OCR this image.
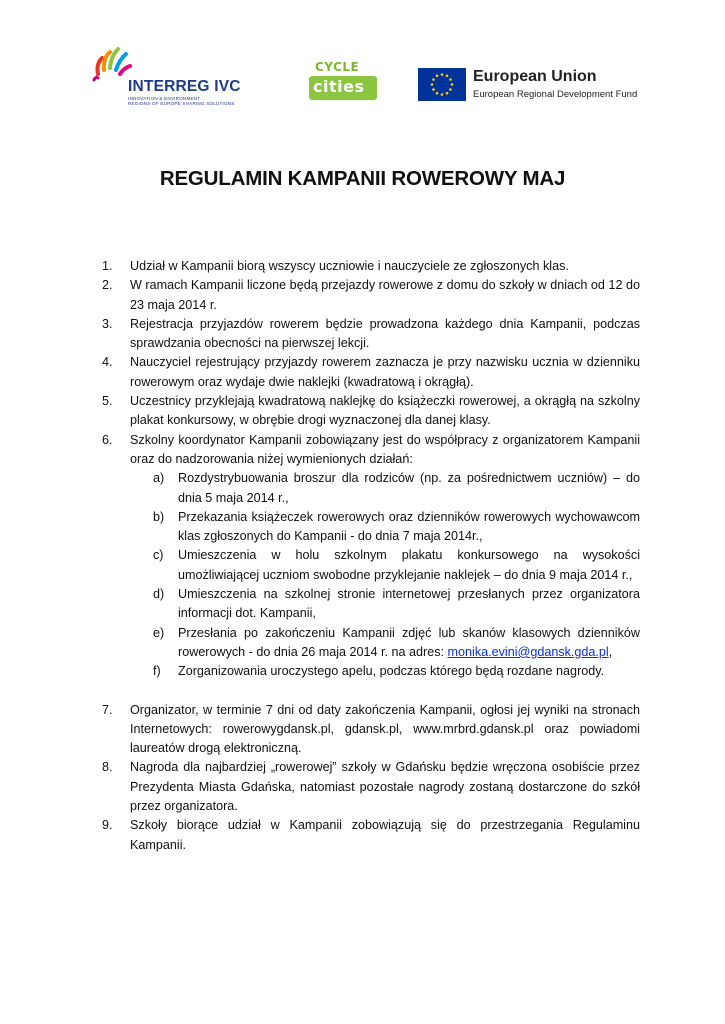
INTERREG IVC
INNOVATION & ENVIRONMENT
REGIONS OF EUROPE SHARING SOLUTIONS
CYCLE
cities
European Union
European Regional Development Fund
REGULAMIN KAMPANII ROWEROWY MAJ
1.	Udział w Kampanii biorą wszyscy uczniowie i nauczyciele ze zgłoszonych klas.
2.	W ramach Kampanii liczone będą przejazdy rowerowe z domu do szkoły w dniach od 12 do 23 maja 2014 r.
3.	Rejestracja przyjazdów rowerem będzie prowadzona każdego dnia Kampanii, podczas sprawdzania obecności na pierwszej lekcji.
4.	Nauczyciel rejestrujący przyjazdy rowerem zaznacza je przy nazwisku ucznia w dzienniku rowerowym oraz wydaje dwie naklejki (kwadratową i okrągłą).
5.	Uczestnicy przyklejają kwadratową naklejkę do książeczki rowerowej, a okrągłą na szkolny plakat konkursowy, w obrębie drogi wyznaczonej dla danej klasy.
6.	Szkolny koordynator Kampanii zobowiązany jest do współpracy z organizatorem Kampanii oraz do nadzorowania niżej wymienionych działań:
a) Rozdystrybuowania broszur dla rodziców (np. za pośrednictwem uczniów) – do dnia 5 maja 2014 r.,
b) Przekazania książeczek rowerowych oraz dzienników rowerowych wychowawcom klas zgłoszonych do Kampanii - do dnia 7 maja 2014r.,
c) Umieszczenia w holu szkolnym plakatu konkursowego na wysokości umożliwiającej uczniom swobodne przyklejanie naklejek – do dnia 9 maja 2014 r.,
d) Umieszczenia na szkolnej stronie internetowej przesłanych przez organizatora informacji dot. Kampanii,
e) Przesłania po zakończeniu Kampanii zdjęć lub skanów klasowych dzienników rowerowych - do dnia 26 maja 2014 r. na adres: monika.evini@gdansk.gda.pl,
f) Zorganizowania uroczystego apelu, podczas którego będą rozdane nagrody.
7.	Organizator, w terminie 7 dni od daty zakończenia Kampanii, ogłosi jej wyniki na stronach Internetowych: rowerowygdansk.pl, gdansk.pl, www.mrbrd.gdansk.pl oraz powiadomi laureatów drogą elektroniczną.
8.	Nagroda dla najbardziej „rowerowej” szkoły w Gdańsku będzie wręczona osobiście przez Prezydenta Miasta Gdańska, natomiast pozostałe nagrody zostaną dostarczone do szkół przez organizatora.
9.	Szkoły biorące udział w Kampanii zobowiązują się do przestrzegania Regulaminu Kampanii.
